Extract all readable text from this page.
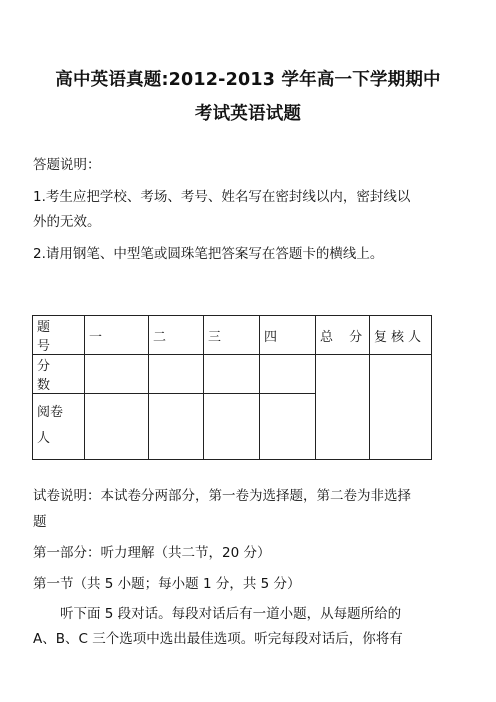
高中英语真题:2012-2013 学年高一下学期期中
考试英语试题
答题说明：
1.考生应把学校、考场、考号、姓名写在密封线以内，密封线以
外的无效。
2.请用钢笔、中型笔或圆珠笔把答案写在答题卡的横线上。
题 号	一	二	三	四	总 分	复核人
分 数						
阅卷
人						
试卷说明：本试卷分两部分，第一卷为选择题，第二卷为非选择
题
第一部分：听力理解（共二节，20 分）
第一节（共 5 小题；每小题 1 分，共 5 分）
听下面 5 段对话。每段对话后有一道小题，从每题所给的
A、B、C 三个选项中选出最佳选项。听完每段对话后，你将有
